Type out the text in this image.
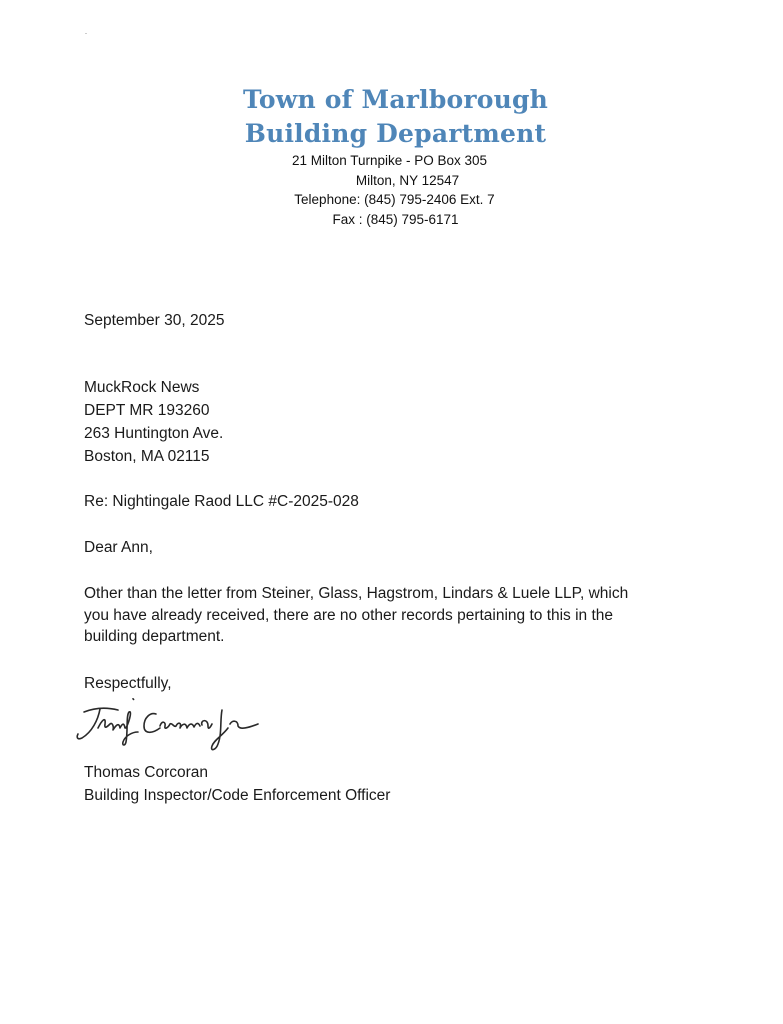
Town of Marlborough
Building Department
21 Milton Turnpike - PO Box 305
Milton, NY 12547
Telephone: (845) 795-2406 Ext. 7
Fax : (845) 795-6171
September 30, 2025
MuckRock News
DEPT MR 193260
263 Huntington Ave.
Boston, MA 02115
Re: Nightingale Raod LLC #C-2025-028
Dear Ann,
Other than the letter from Steiner, Glass, Hagstrom, Lindars & Luele LLP, which
you have already received, there are no other records pertaining to this in the
building department.
Respectfully,
Thomas Corcoran
Building Inspector/Code Enforcement Officer
